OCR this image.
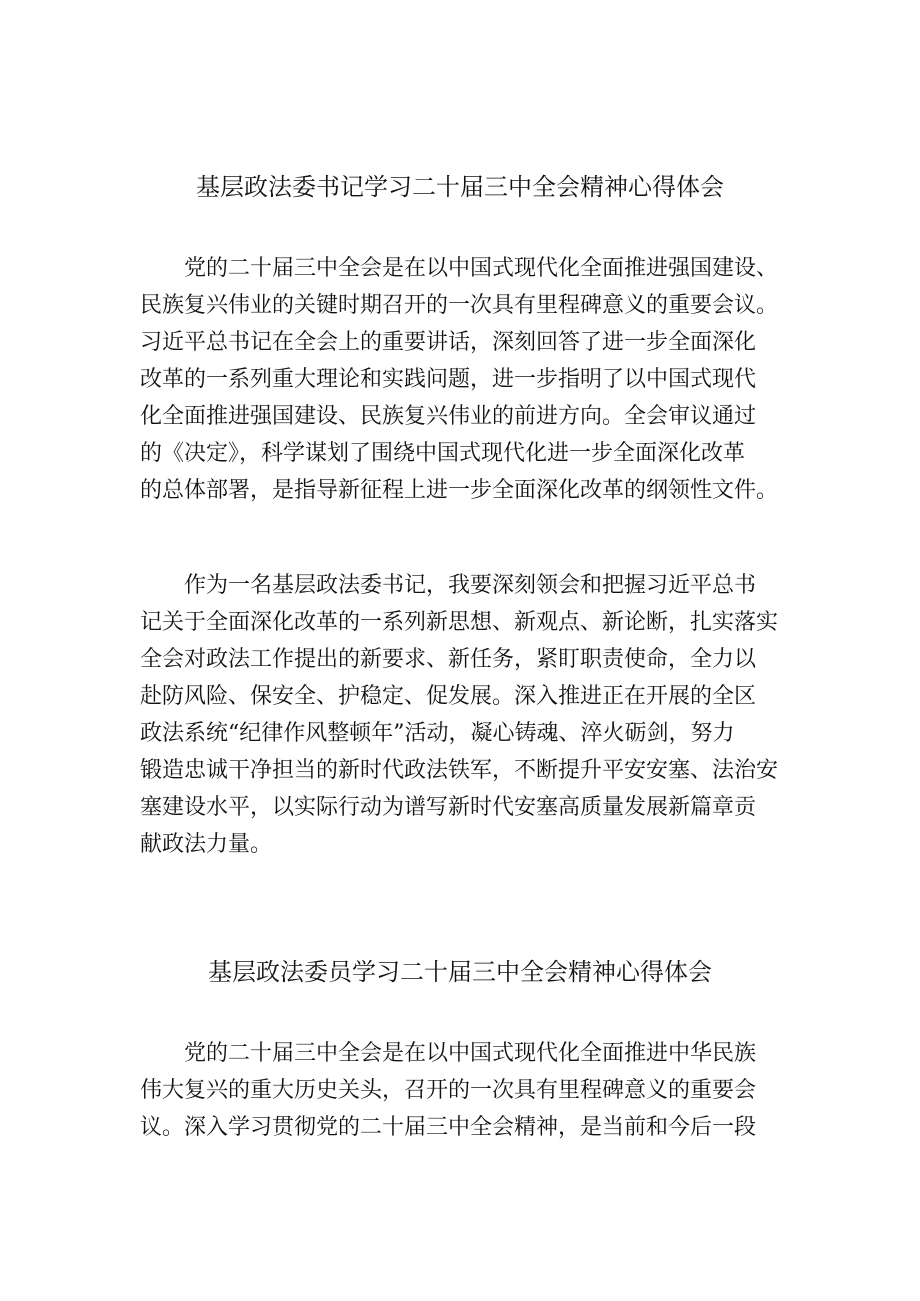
基层政法委书记学习二十届三中全会精神心得体会
党的二十届三中全会是在以中国式现代化全面推进强国建设、
民族复兴伟业的关键时期召开的一次具有里程碑意义的重要会议。
习近平总书记在全会上的重要讲话，深刻回答了进一步全面深化
改革的一系列重大理论和实践问题，进一步指明了以中国式现代
化全面推进强国建设、民族复兴伟业的前进方向。全会审议通过
的《决定》，科学谋划了围绕中国式现代化进一步全面深化改革
的总体部署，是指导新征程上进一步全面深化改革的纲领性文件。
作为一名基层政法委书记，我要深刻领会和把握习近平总书
记关于全面深化改革的一系列新思想、新观点、新论断，扎实落实
全会对政法工作提出的新要求、新任务，紧盯职责使命，全力以
赴防风险、保安全、护稳定、促发展。深入推进正在开展的全区
政法系统“纪律作风整顿年”活动，凝心铸魂、淬火砺剑，努力
锻造忠诚干净担当的新时代政法铁军，不断提升平安安塞、法治安
塞建设水平，以实际行动为谱写新时代安塞高质量发展新篇章贡
献政法力量。
基层政法委员学习二十届三中全会精神心得体会
党的二十届三中全会是在以中国式现代化全面推进中华民族
伟大复兴的重大历史关头，召开的一次具有里程碑意义的重要会
议。深入学习贯彻党的二十届三中全会精神，是当前和今后一段
